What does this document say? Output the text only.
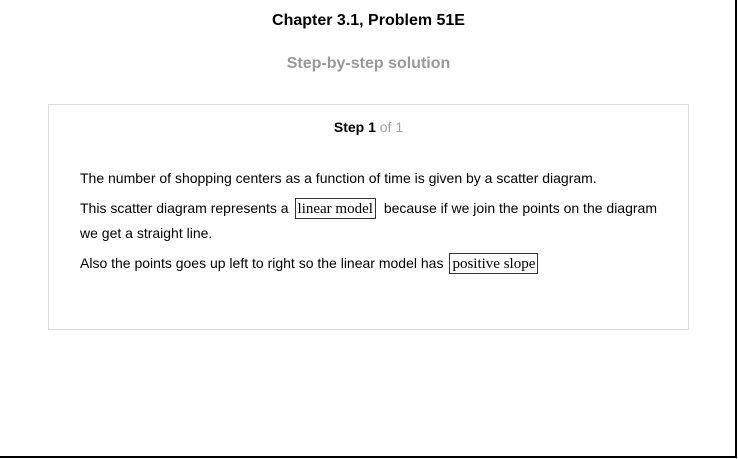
Chapter 3.1, Problem 51E
Step-by-step solution
Step 1 of 1

The number of shopping centers as a function of time is given by a scatter diagram.

This scatter diagram represents a linear model because if we join the points on the diagram we get a straight line.

Also the points goes up left to right so the linear model has positive slope
